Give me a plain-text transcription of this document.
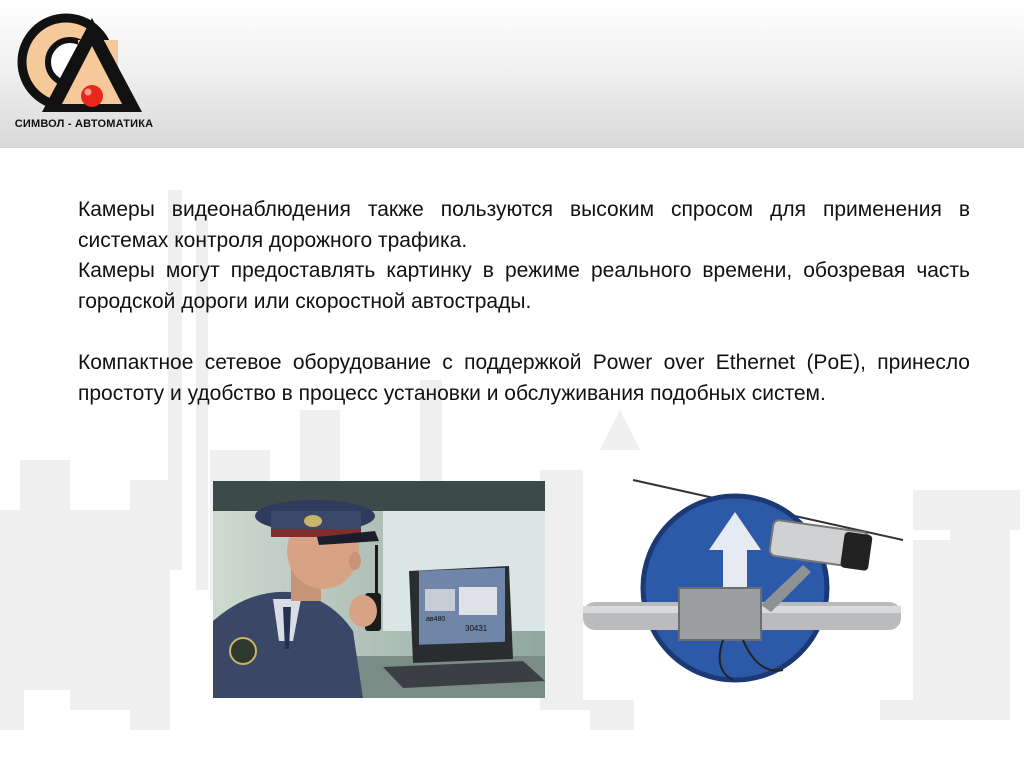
СИМВОЛ - АВТОМАТИКА

Камеры видеонаблюдения также пользуются высоким спросом для применения в системах контроля дорожного трафика.

Камеры могут предоставлять картинку в режиме реального времени, обозревая часть городской дороги или скоростной автострады.

Компактное сетевое оборудование с поддержкой Power over Ethernet (PoE), принесло простоту и удобство в процесс установки и обслуживания подобных систем.

ав480
30431
